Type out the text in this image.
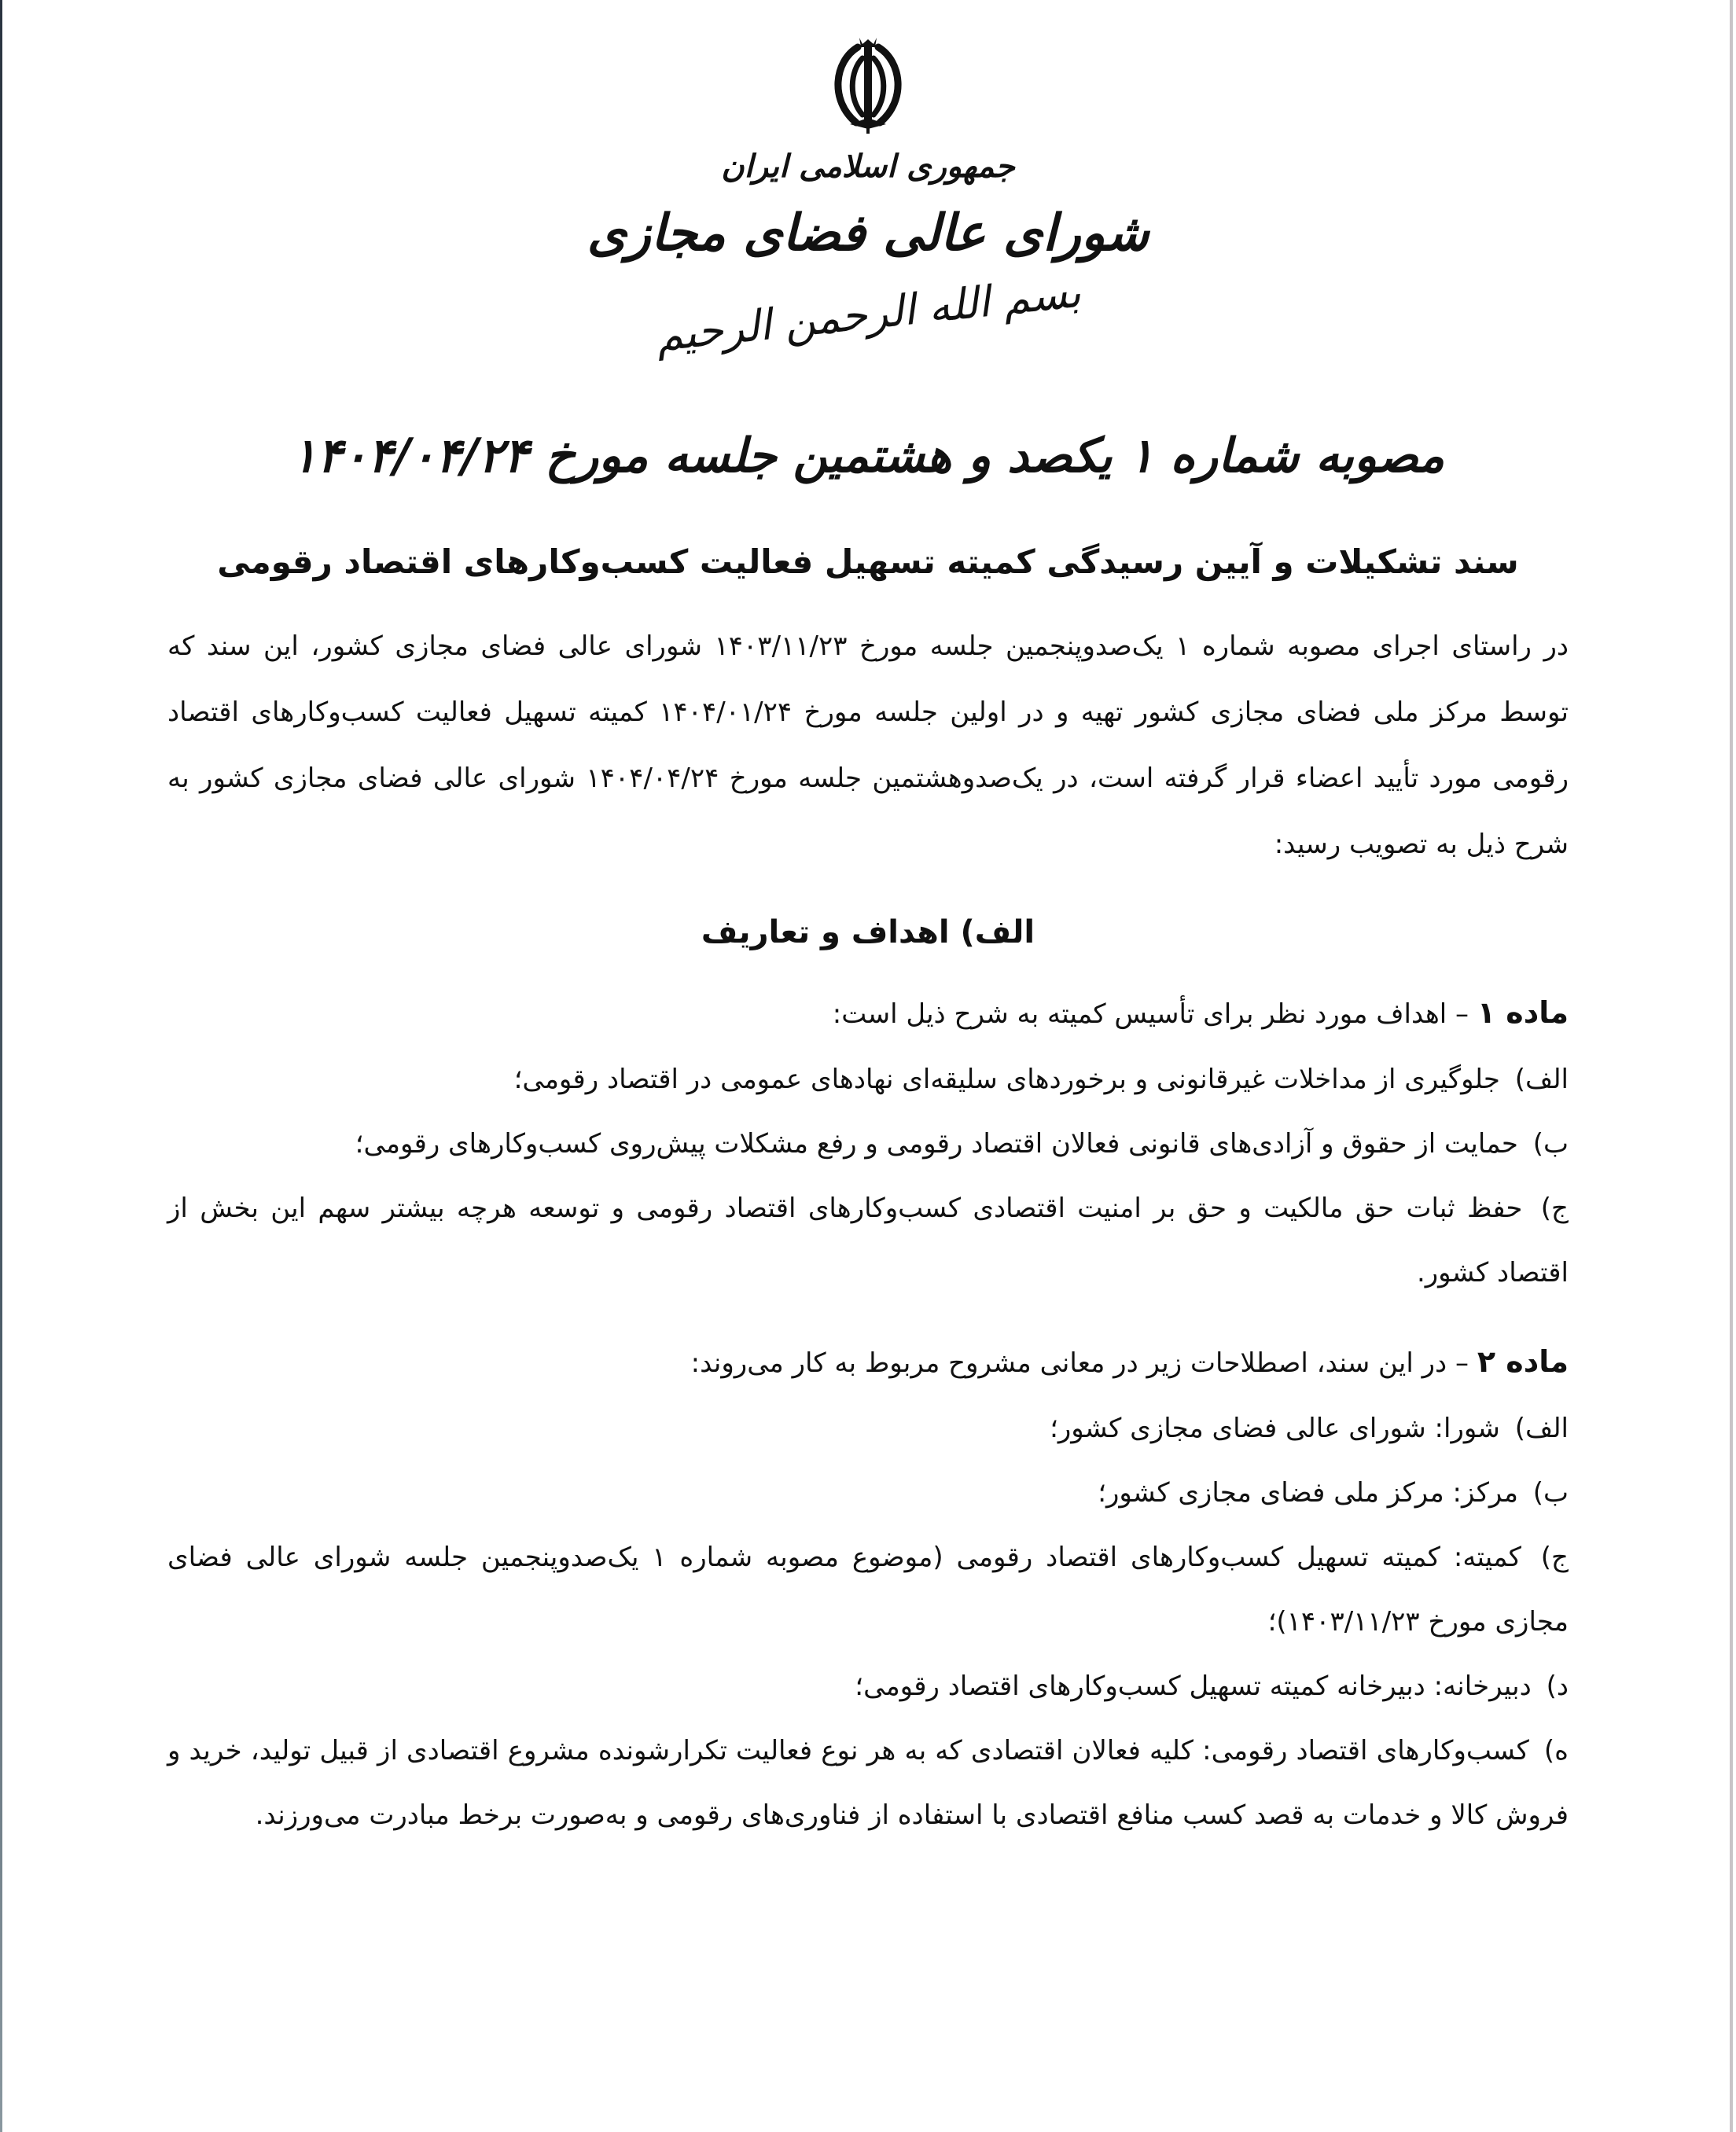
جمهوری اسلامی ایران
شورای عالی فضای مجازی
بسم الله الرحمن الرحیم
مصوبه شماره ۱ یکصد و هشتمین جلسه مورخ ۱۴۰۴/۰۴/۲۴
سند تشکیلات و آیین رسیدگی کمیته تسهیل فعالیت کسب‌وکارهای اقتصاد رقومی

در راستای اجرای مصوبه شماره ۱ یک‌صدوپنجمین جلسه مورخ ۱۴۰۳/۱۱/۲۳ شورای عالی فضای مجازی کشور، این سند که توسط مرکز ملی فضای مجازی کشور تهیه و در اولین جلسه مورخ ۱۴۰۴/۰۱/۲۴ کمیته تسهیل فعالیت کسب‌وکارهای اقتصاد رقومی مورد تأیید اعضاء قرار گرفته است، در یک‌صدوهشتمین جلسه مورخ ۱۴۰۴/۰۴/۲۴ شورای عالی فضای مجازی کشور به شرح ذیل به تصویب رسید:

الف) اهداف و تعاریف
ماده ۱ – اهداف مورد نظر برای تأسیس کمیته به شرح ذیل است:
الف) جلوگیری از مداخلات غیرقانونی و برخوردهای سلیقه‌ای نهادهای عمومی در اقتصاد رقومی؛
ب) حمایت از حقوق و آزادی‌های قانونی فعالان اقتصاد رقومی و رفع مشکلات پیش‌روی کسب‌وکارهای رقومی؛
ج) حفظ ثبات حق مالکیت و حق بر امنیت اقتصادی کسب‌وکارهای اقتصاد رقومی و توسعه هرچه بیشتر سهم این بخش از اقتصاد کشور.
ماده ۲ – در این سند، اصطلاحات زیر در معانی مشروح مربوط به کار می‌روند:
الف) شورا: شورای عالی فضای مجازی کشور؛
ب) مرکز: مرکز ملی فضای مجازی کشور؛
ج) کمیته: کمیته تسهیل کسب‌وکارهای اقتصاد رقومی (موضوع مصوبه شماره ۱ یک‌صدوپنجمین جلسه شورای عالی فضای مجازی مورخ ۱۴۰۳/۱۱/۲۳)؛
د) دبیرخانه: دبیرخانه کمیته تسهیل کسب‌وکارهای اقتصاد رقومی؛
ه) کسب‌وکارهای اقتصاد رقومی: کلیه فعالان اقتصادی که به هر نوع فعالیت تکرارشونده مشروع اقتصادی از قبیل تولید، خرید و فروش کالا و خدمات به قصد کسب منافع اقتصادی با استفاده از فناوری‌های رقومی و به‌صورت برخط مبادرت می‌ورزند.
